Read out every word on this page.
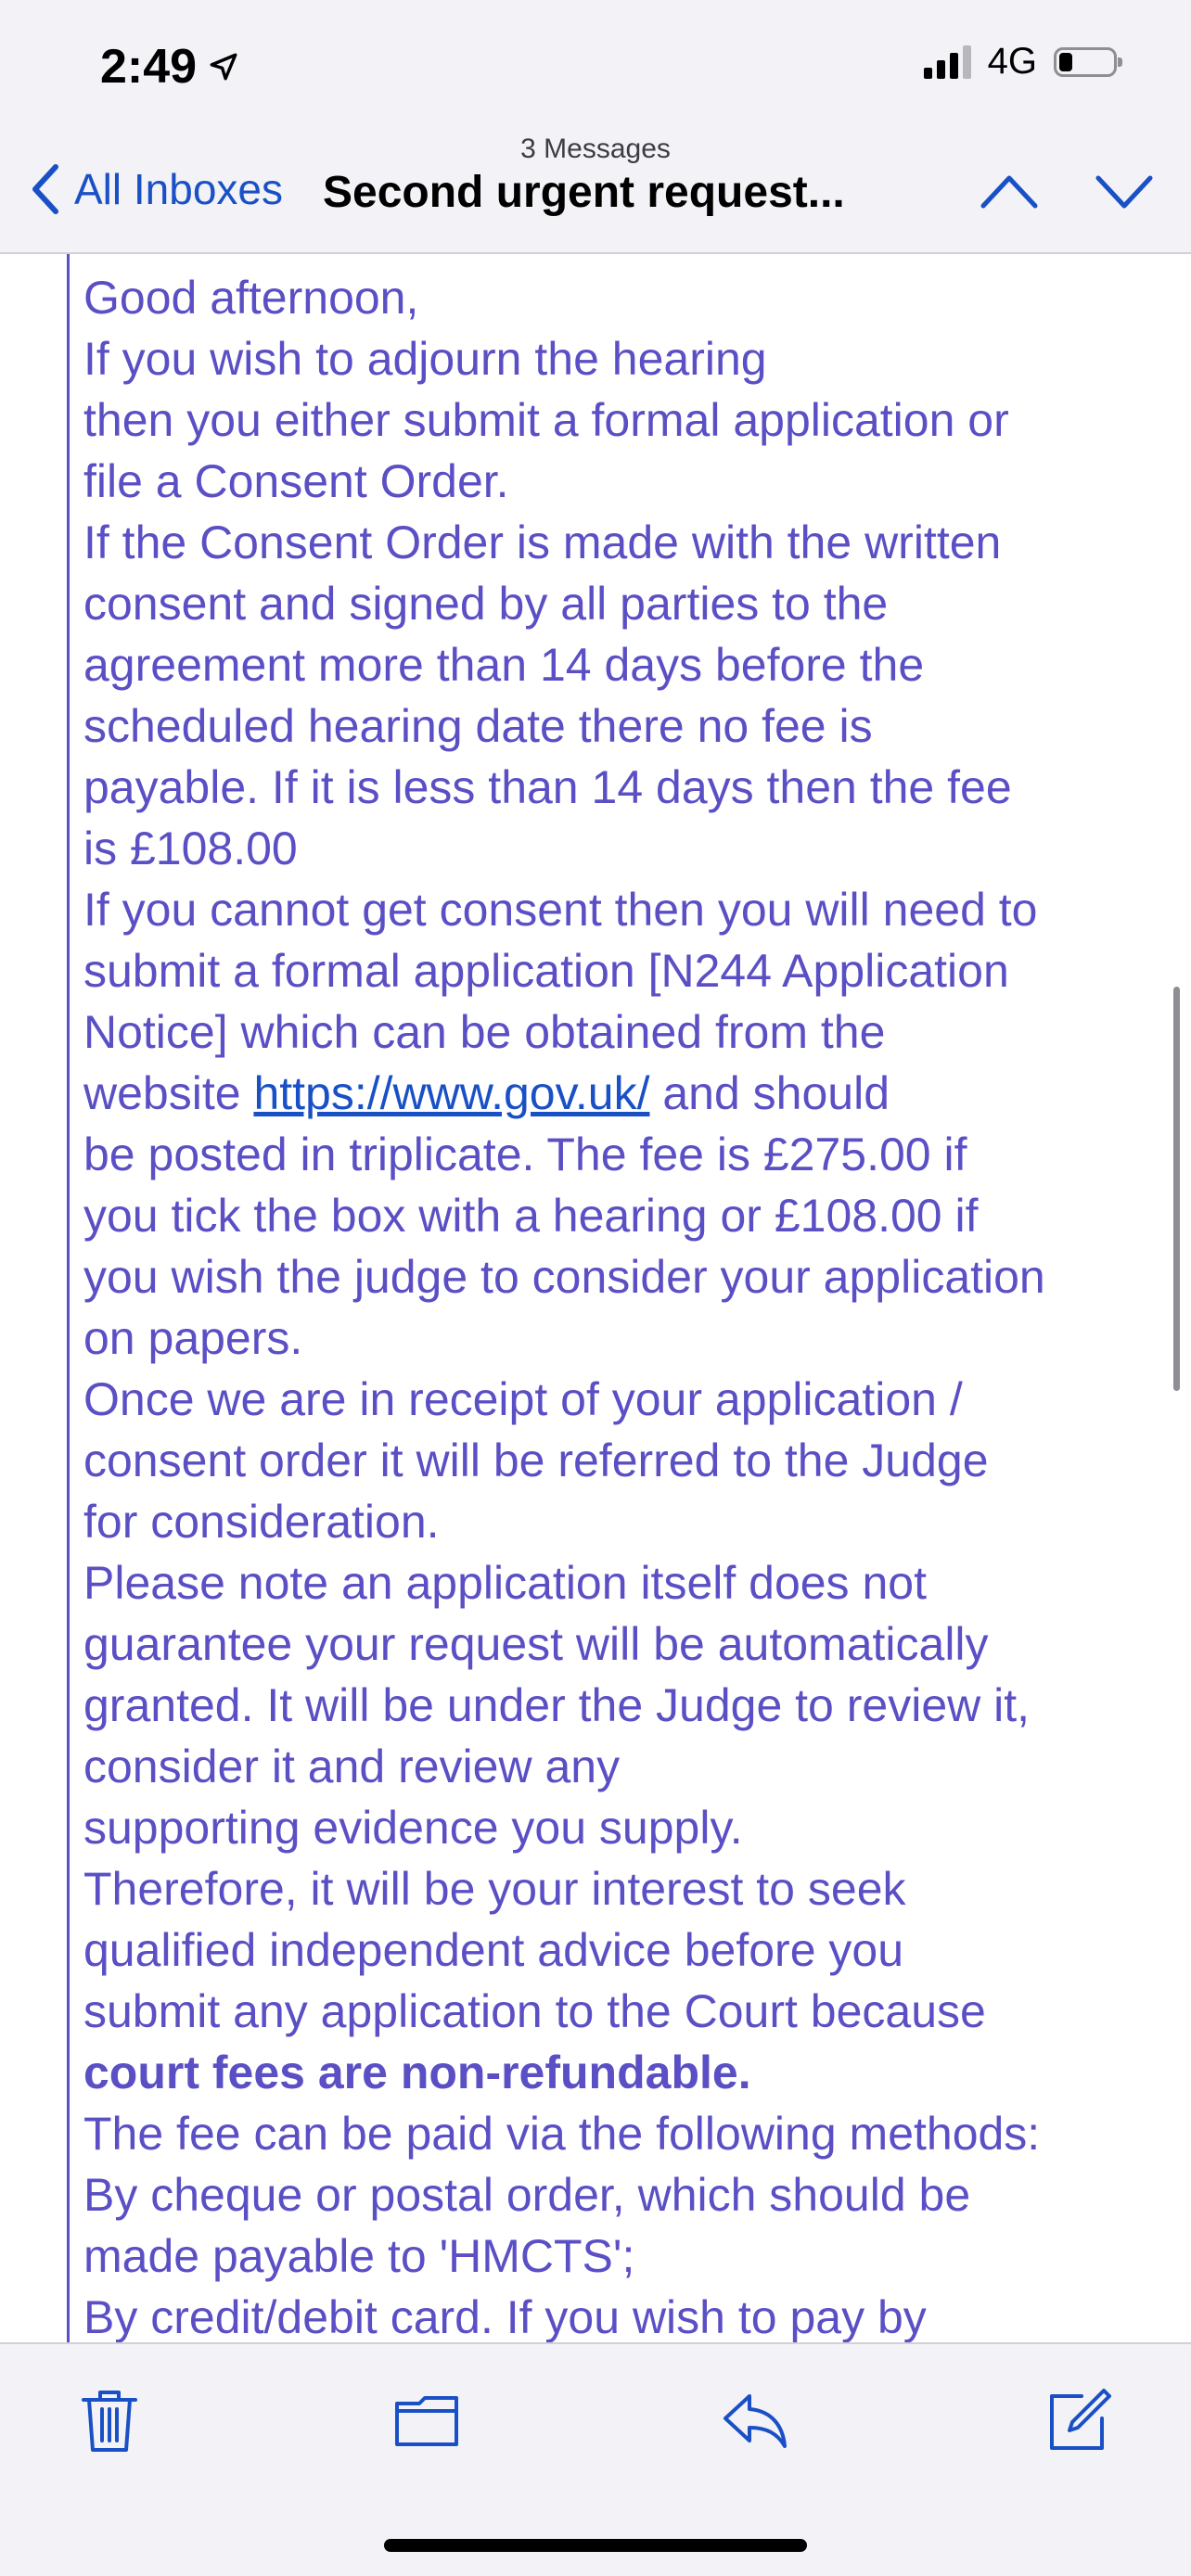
2:49	4G
3 Messages
All Inboxes Second urgent request...
Good afternoon,
If you wish to adjourn the hearing
then you either submit a formal application or
file a Consent Order.
If the Consent Order is made with the written
consent and signed by all parties to the
agreement more than 14 days before the
scheduled hearing date there no fee is
payable. If it is less than 14 days then the fee
is £108.00
If you cannot get consent then you will need to
submit a formal application [N244 Application
Notice] which can be obtained from the
website https://www.gov.uk/ and should
be posted in triplicate. The fee is £275.00 if
you tick the box with a hearing or £108.00 if
you wish the judge to consider your application
on papers.
Once we are in receipt of your application /
consent order it will be referred to the Judge
for consideration.
Please note an application itself does not
guarantee your request will be automatically
granted. It will be under the Judge to review it,
consider it and review any
supporting evidence you supply.
Therefore, it will be your interest to seek
qualified independent advice before you
submit any application to the Court because
court fees are non-refundable.
The fee can be paid via the following methods:
By cheque or postal order, which should be
made payable to 'HMCTS';
By credit/debit card. If you wish to pay by
